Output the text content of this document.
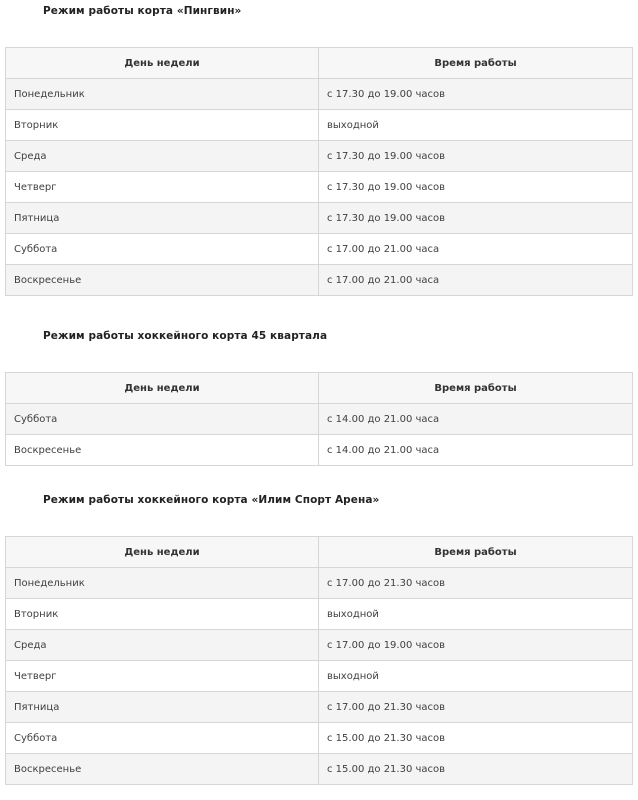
Режим работы корта «Пингвин»
День недели	Время работы
Понедельник	с 17.30 до 19.00 часов
Вторник	выходной
Среда	с 17.30 до 19.00 часов
Четверг	с 17.30 до 19.00 часов
Пятница	с 17.30 до 19.00 часов
Суббота	с 17.00 до 21.00 часа
Воскресенье	с 17.00 до 21.00 часа
Режим работы хоккейного корта 45 квартала
День недели	Время работы
Суббота	с 14.00 до 21.00 часа
Воскресенье	с 14.00 до 21.00 часа
Режим работы хоккейного корта «Илим Спорт Арена»
День недели	Время работы
Понедельник	с 17.00 до 21.30 часов
Вторник	выходной
Среда	с 17.00 до 19.00 часов
Четверг	выходной
Пятница	с 17.00 до 21.30 часов
Суббота	с 15.00 до 21.30 часов
Воскресенье	с 15.00 до 21.30 часов
